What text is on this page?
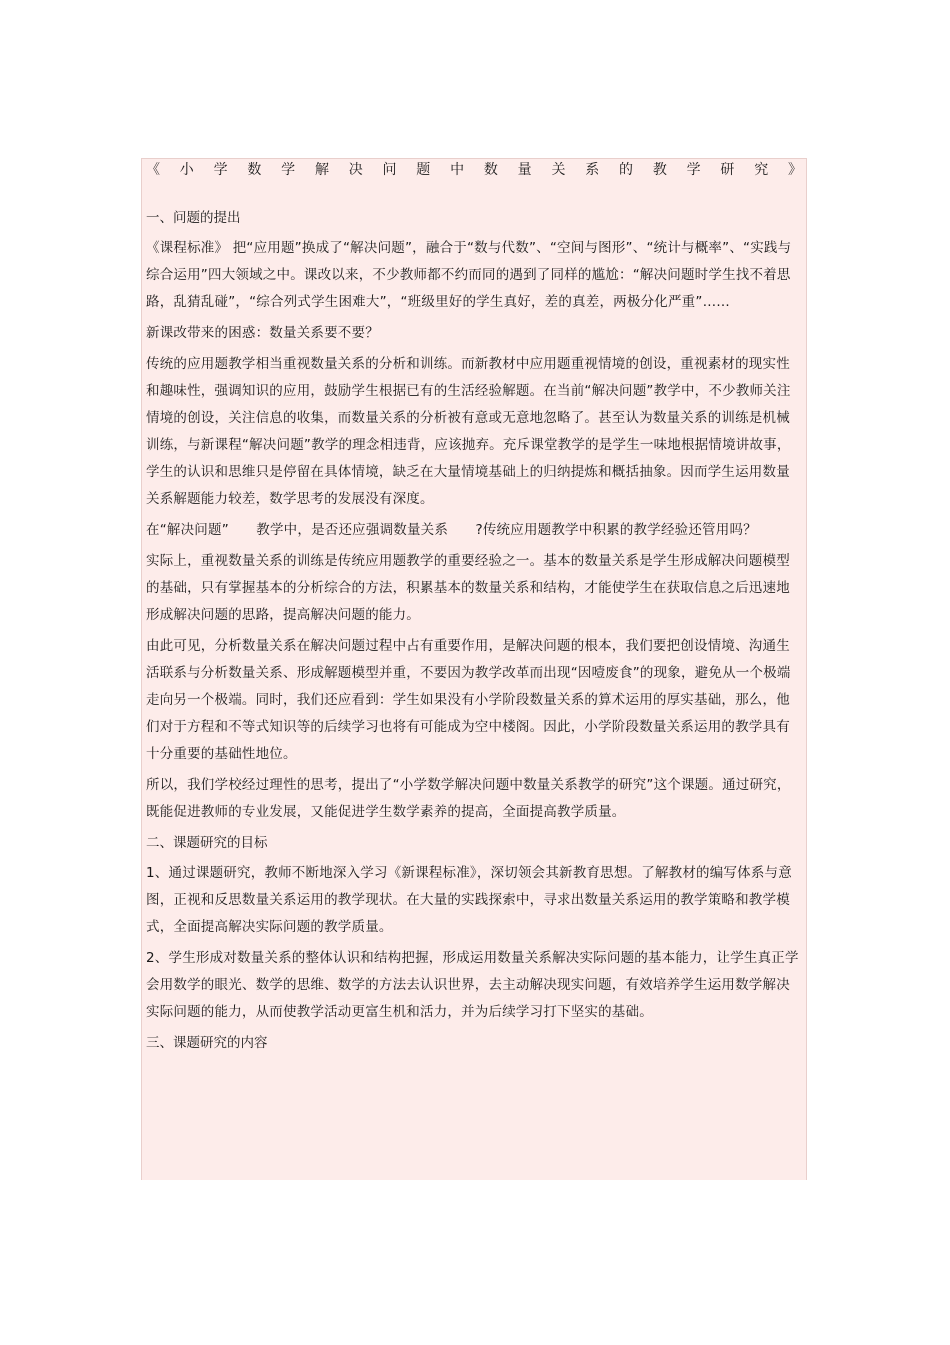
《 小 学 数 学 解 决 问 题 中 数 量 关 系 的 教 学 研 究 》
一、问题的提出
《课程标准》 把“应用题”换成了“解决问题”，融合于“数与代数”、“空间与图形”、“统计与概率”、“实践与综合运用”四大领域之中。课改以来，不少教师都不约而同的遇到了同样的尴尬：“解决问题时学生找不着思路，乱猜乱碰”，“综合列式学生困难大”，“班级里好的学生真好，差的真差，两极分化严重”……
新课改带来的困惑：数量关系要不要？
传统的应用题教学相当重视数量关系的分析和训练。而新教材中应用题重视情境的创设，重视素材的现实性和趣味性，强调知识的应用，鼓励学生根据已有的生活经验解题。在当前“解决问题”教学中，不少教师关注情境的创设，关注信息的收集，而数量关系的分析被有意或无意地忽略了。甚至认为数量关系的训练是机械训练，与新课程“解决问题”教学的理念相违背，应该抛弃。充斥课堂教学的是学生一味地根据情境讲故事，学生的认识和思维只是停留在具体情境，缺乏在大量情境基础上的归纳提炼和概括抽象。因而学生运用数量关系解题能力较差，数学思考的发展没有深度。
在“解决问题”　　教学中，是否还应强调数量关系　　?传统应用题教学中积累的教学经验还管用吗？
实际上，重视数量关系的训练是传统应用题教学的重要经验之一。基本的数量关系是学生形成解决问题模型的基础，只有掌握基本的分析综合的方法，积累基本的数量关系和结构，才能使学生在获取信息之后迅速地形成解决问题的思路，提高解决问题的能力。
由此可见，分析数量关系在解决问题过程中占有重要作用，是解决问题的根本，我们要把创设情境、沟通生活联系与分析数量关系、形成解题模型并重，不要因为教学改革而出现“因噎废食”的现象，避免从一个极端走向另一个极端。同时，我们还应看到：学生如果没有小学阶段数量关系的算术运用的厚实基础，那么，他们对于方程和不等式知识等的后续学习也将有可能成为空中楼阁。因此，小学阶段数量关系运用的教学具有十分重要的基础性地位。
所以，我们学校经过理性的思考，提出了“小学数学解决问题中数量关系教学的研究”这个课题。通过研究，既能促进教师的专业发展，又能促进学生数学素养的提高，全面提高教学质量。
二、课题研究的目标
1、通过课题研究，教师不断地深入学习《新课程标准》，深切领会其新教育思想。了解教材的编写体系与意图，正视和反思数量关系运用的教学现状。在大量的实践探索中，寻求出数量关系运用的教学策略和教学模式，全面提高解决实际问题的教学质量。
2、学生形成对数量关系的整体认识和结构把握，形成运用数量关系解决实际问题的基本能力，让学生真正学会用数学的眼光、数学的思维、数学的方法去认识世界，去主动解决现实问题，有效培养学生运用数学解决实际问题的能力，从而使教学活动更富生机和活力，并为后续学习打下坚实的基础。
三、课题研究的内容
